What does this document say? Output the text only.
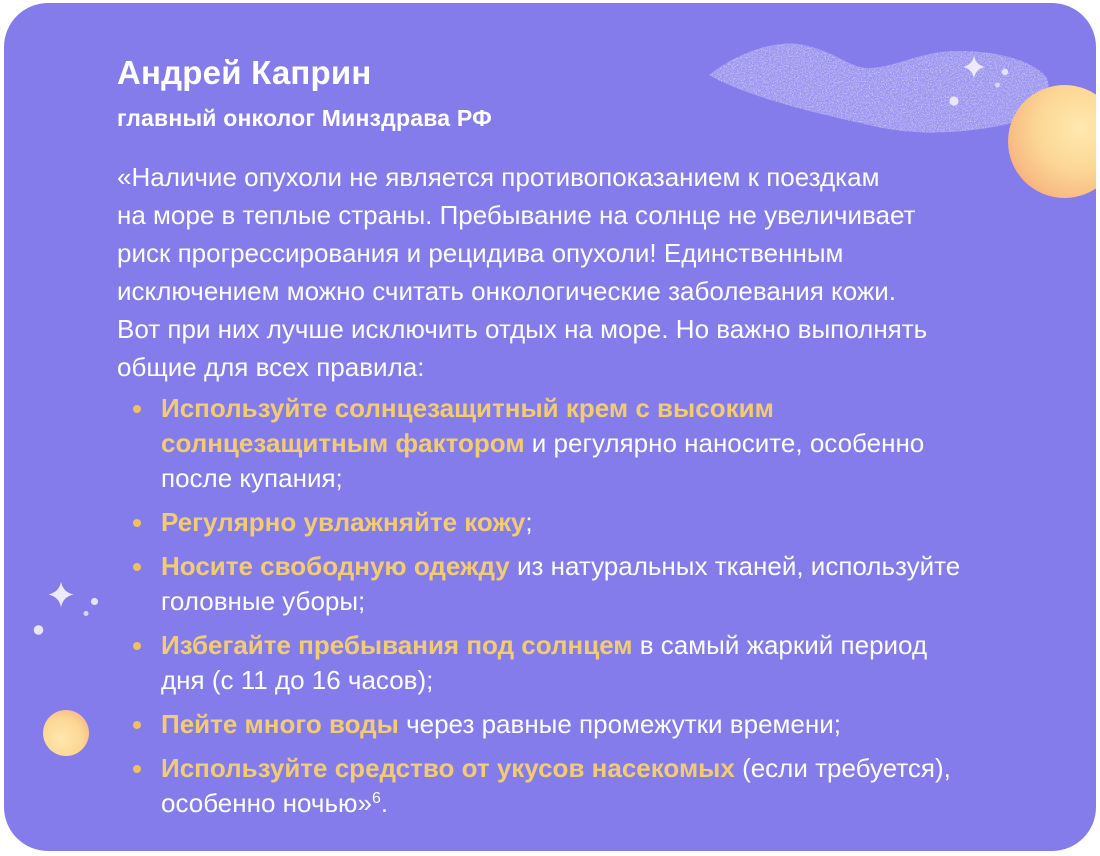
Андрей Каприн
главный онколог Минздрава РФ
«Наличие опухоли не является противопоказанием к поездкам
на море в теплые страны. Пребывание на солнце не увеличивает
риск прогрессирования и рецидива опухоли! Единственным
исключением можно считать онкологические заболевания кожи.
Вот при них лучше исключить отдых на море. Но важно выполнять
общие для всех правила:
Используйте солнцезащитный крем с высоким солнцезащитным фактором и регулярно наносите, особенно после купания;
Регулярно увлажняйте кожу;
Носите свободную одежду из натуральных тканей, используйте головные уборы;
Избегайте пребывания под солнцем в самый жаркий период дня (с 11 до 16 часов);
Пейте много воды через равные промежутки времени;
Используйте средство от укусов насекомых (если требуется), особенно ночью»$^6$.
